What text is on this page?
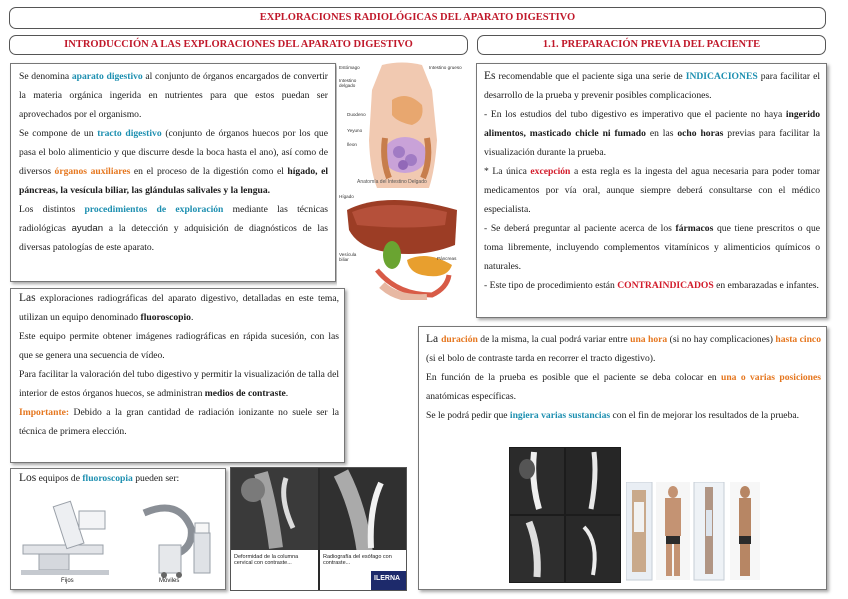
EXPLORACIONES RADIOLÓGICAS DEL APARATO DIGESTIVO
INTRODUCCIÓN A LAS EXPLORACIONES DEL APARATO DIGESTIVO	1.1. PREPARACIÓN PREVIA DEL PACIENTE

Se denomina aparato digestivo al conjunto de órganos encargados de convertir la materia orgánica ingerida en nutrientes para que estos puedan ser aprovechados por el organismo.

Se compone de un tracto digestivo (conjunto de órganos huecos por los que pasa el bolo alimenticio y que discurre desde la boca hasta el ano), así como de diversos órganos auxiliares en el proceso de la digestión como el hígado, el páncreas, la vesícula biliar, las glándulas salivales y la lengua.

Los distintos procedimientos de exploración mediante las técnicas radiológicas ayudan a la detección y adquisición de diagnósticos de las diversas patologías de este aparato.

Estómago	Intestino grueso
Intestino delgado
Duodeno
Yeyuno
Íleon
Anatomía del Intestino Delgado
Hígado
Vesícula biliar	Páncreas

Las exploraciones radiográficas del aparato digestivo, detalladas en este tema, utilizan un equipo denominado fluoroscopio.

Este equipo permite obtener imágenes radiográficas en rápida sucesión, con las que se genera una secuencia de vídeo.

Para facilitar la valoración del tubo digestivo y permitir la visualización de talla del interior de estos órganos huecos, se administran medios de contraste.

Importante: Debido a la gran cantidad de radiación ionizante no suele ser la técnica de primera elección.

Los equipos de fluoroscopia pueden ser:
Fijos	Móviles
Deformidad de la columna cervical con contraste...
Radiografía del esófago con contraste...
ILERNA

Es recomendable que el paciente siga una serie de INDICACIONES para facilitar el desarrollo de la prueba y prevenir posibles complicaciones.

- En los estudios del tubo digestivo es imperativo que el paciente no haya ingerido alimentos, masticado chicle ni fumado en las ocho horas previas para facilitar la visualización durante la prueba.

* La única excepción a esta regla es la ingesta del agua necesaria para poder tomar medicamentos por vía oral, aunque siempre deberá consultarse con el médico especialista.

- Se deberá preguntar al paciente acerca de los fármacos que tiene prescritos o que toma libremente, incluyendo complementos vitamínicos y alimenticios químicos o naturales.

- Este tipo de procedimiento están CONTRAINDICADOS en embarazadas e infantes.

La duración de la misma, la cual podrá variar entre una hora (si no hay complicaciones) hasta cinco (si el bolo de contraste tarda en recorrer el tracto digestivo).

En función de la prueba es posible que el paciente se deba colocar en una o varias posiciones anatómicas específicas.

Se le podrá pedir que ingiera varias sustancias con el fin de mejorar los resultados de la prueba.
